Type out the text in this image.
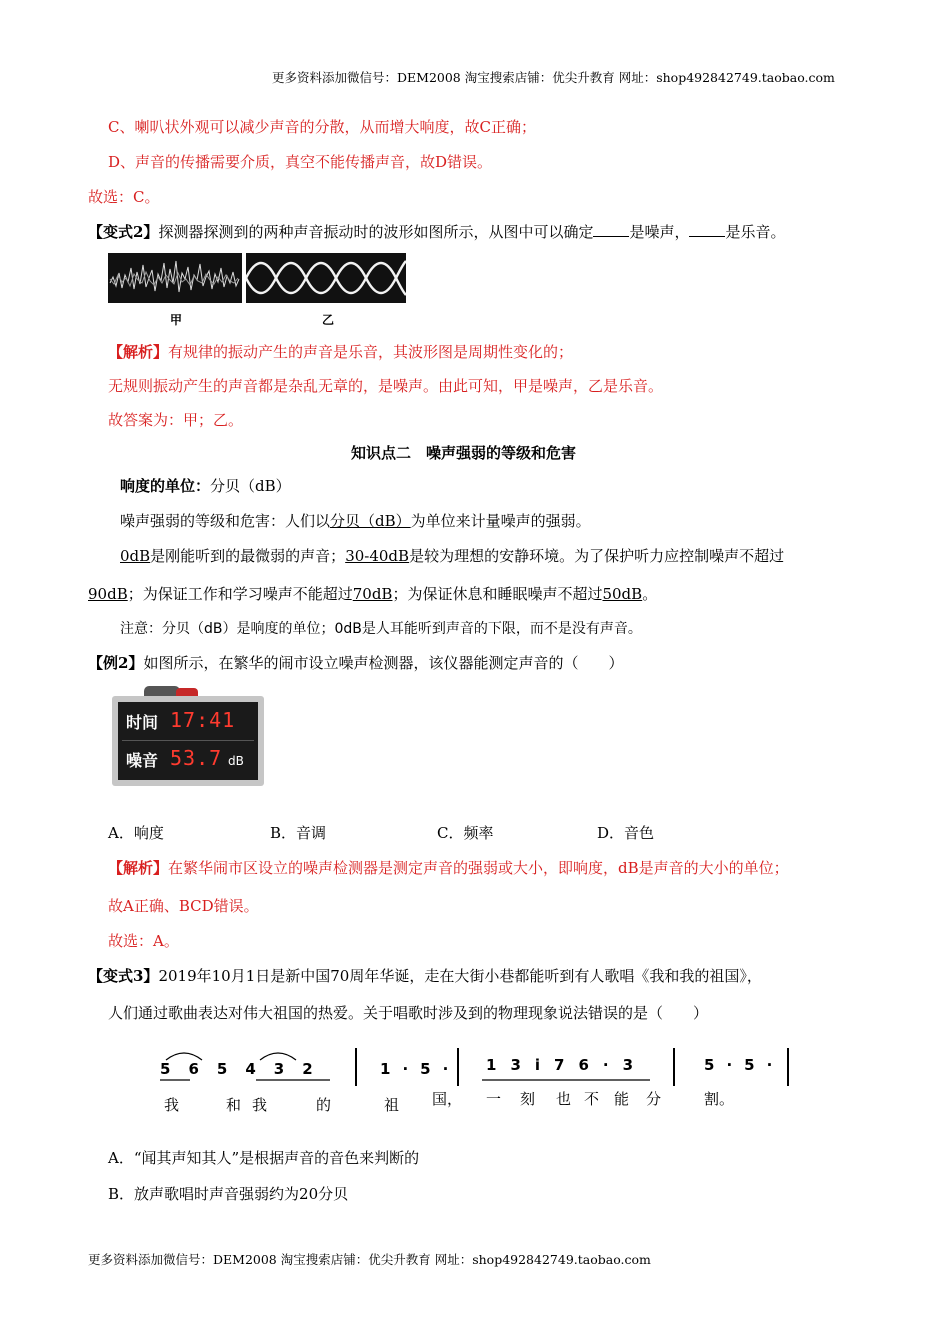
更多资料添加微信号：DEM2008 淘宝搜索店铺：优尖升教育 网址：shop492842749.taobao.com
C、喇叭状外观可以减少声音的分散，从而增大响度，故C正确；
D、声音的传播需要介质，真空不能传播声音，故D错误。
故选：C。
【变式2】探测器探测到的两种声音振动时的波形如图所示，从图中可以确定 是噪声， 是乐音。
甲	乙
【解析】有规律的振动产生的声音是乐音，其波形图是周期性变化的；
无规则振动产生的声音都是杂乱无章的，是噪声。由此可知，甲是噪声，乙是乐音。
故答案为：甲；乙。
知识点二　噪声强弱的等级和危害
响度的单位：分贝（dB）
噪声强弱的等级和危害：人们以分贝（dB）为单位来计量噪声的强弱。
0dB是刚能听到的最微弱的声音；30-40dB是较为理想的安静环境。为了保护听力应控制噪声不超过
90dB；为保证工作和学习噪声不能超过70dB；为保证休息和睡眠噪声不超过50dB。
注意：分贝（dB）是响度的单位；0dB是人耳能听到声音的下限，而不是没有声音。
【例2】如图所示，在繁华的闹市设立噪声检测器，该仪器能测定声音的（　　）
时间 17:41
噪音 53.7 dB
A．响度	B．音调	C．频率	D．音色
【解析】在繁华闹市区设立的噪声检测器是测定声音的强弱或大小，即响度，dB是声音的大小的单位；
故A正确、BCD错误。
故选：A。
【变式3】2019年10月1日是新中国70周年华诞，走在大街小巷都能听到有人歌唱《我和我的祖国》，
人们通过歌曲表达对伟大祖国的热爱。关于唱歌时涉及到的物理现象说法错误的是（　　）
5 6 5 4 3 2	1 · 5 ·	1 3 i 7 6 · 3	5 · 5 ·
我	和 我	的	祖 国， 一 刻 也 不 能 分	割。
A．“闻其声知其人”是根据声音的音色来判断的
B．放声歌唱时声音强弱约为20分贝
更多资料添加微信号：DEM2008 淘宝搜索店铺：优尖升教育 网址：shop492842749.taobao.com
